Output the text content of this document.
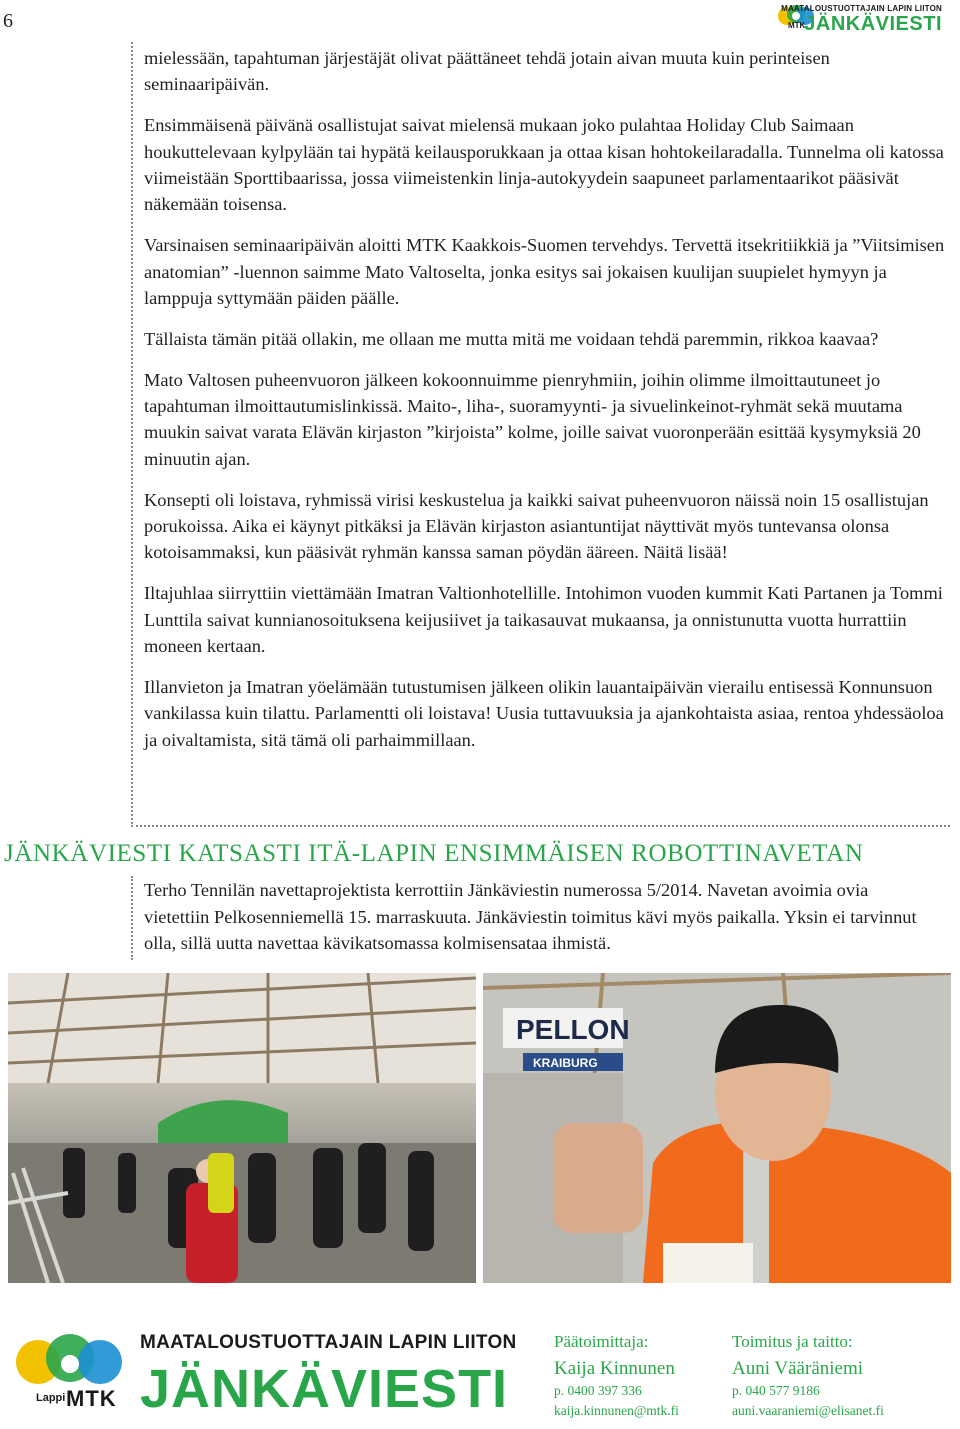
6	MTK
MAATALOUSTUOTTAJAIN LAPIN LIITON
JÄNKÄVIESTI

mielessään, tapahtuman järjestäjät olivat päättäneet tehdä jotain aivan muuta kuin perinteisen seminaaripäivän.

Ensimmäisenä päivänä osallistujat saivat mielensä mukaan joko pulahtaa Holiday Club Saimaan houkuttelevaan kylpylään tai hypätä keilausporukkaan ja ottaa kisan hohtokeilaradalla. Tunnelma oli katossa viimeistään Sporttibaarissa, jossa viimeistenkin linja-autokyydein saapuneet parlamentaarikot pääsivät näkemään toisensa.

Varsinaisen seminaaripäivän aloitti MTK Kaakkois-Suomen tervehdys. Tervettä itsekritiikkiä ja ”Viitsimisen anatomian” -luennon saimme Mato Valtoselta, jonka esitys sai jokaisen kuulijan suupielet hymyyn ja lamppuja syttymään päiden päälle.

Tällaista tämän pitää ollakin, me ollaan me mutta mitä me voidaan tehdä paremmin, rikkoa kaavaa?

Mato Valtosen puheenvuoron jälkeen kokoonnuimme pienryhmiin, joihin olimme ilmoittautuneet jo tapahtuman ilmoittautumislinkissä. Maito-, liha-, suoramyynti- ja sivuelinkeinot-ryhmät sekä muutama muukin saivat varata Elävän kirjaston ”kirjoista” kolme, joille saivat vuoronperään esittää kysymyksiä 20 minuutin ajan.

Konsepti oli loistava, ryhmissä virisi keskustelua ja kaikki saivat puheenvuoron näissä noin 15 osallistujan porukoissa. Aika ei käynyt pitkäksi ja Elävän kirjaston asiantuntijat näyttivät myös tuntevansa olonsa kotoisammaksi, kun pääsivät ryhmän kanssa saman pöydän ääreen. Näitä lisää!

Iltajuhlaa siirryttiin viettämään Imatran Valtionhotellille. Intohimon vuoden kummit Kati Partanen ja Tommi Lunttila saivat kunnianosoituksena keijusiivet ja taikasauvat mukaansa, ja onnistunutta vuotta hurrattiin moneen kertaan.

Illanvieton ja Imatran yöelämään tutustumisen jälkeen olikin lauantaipäivän vierailu entisessä Konnunsuon vankilassa kuin tilattu. Parlamentti oli loistava! Uusia tuttavuuksia ja ajankohtaista asiaa, rentoa yhdessäoloa ja oivaltamista, sitä tämä oli parhaimmillaan.

JÄNKÄVIESTI KATSASTI ITÄ-LAPIN ENSIMMÄISEN ROBOTTINAVETAN
Terho Tennilän navettaprojektista kerrottiin Jänkäviestin numerossa 5/2014. Navetan avoimia ovia vietettiin Pelkosenniemellä 15. marraskuuta. Jänkäviestin toimitus kävi myös paikalla. Yksin ei tarvinnut olla, sillä uutta navettaa kävikatsomassa kolmisensataa ihmistä.
PELLON
KRAIBURG
Lappi MTK
MAATALOUSTUOTTAJAIN LAPIN LIITON
JÄNKÄVIESTI
Päätoimittaja:
Kaija Kinnunen
p. 0400 397 336
kaija.kinnunen@mtk.fi
Toimitus ja taitto:
Auni Vääräniemi
p. 040 577 9186
auni.vaaraniemi@elisanet.fi
